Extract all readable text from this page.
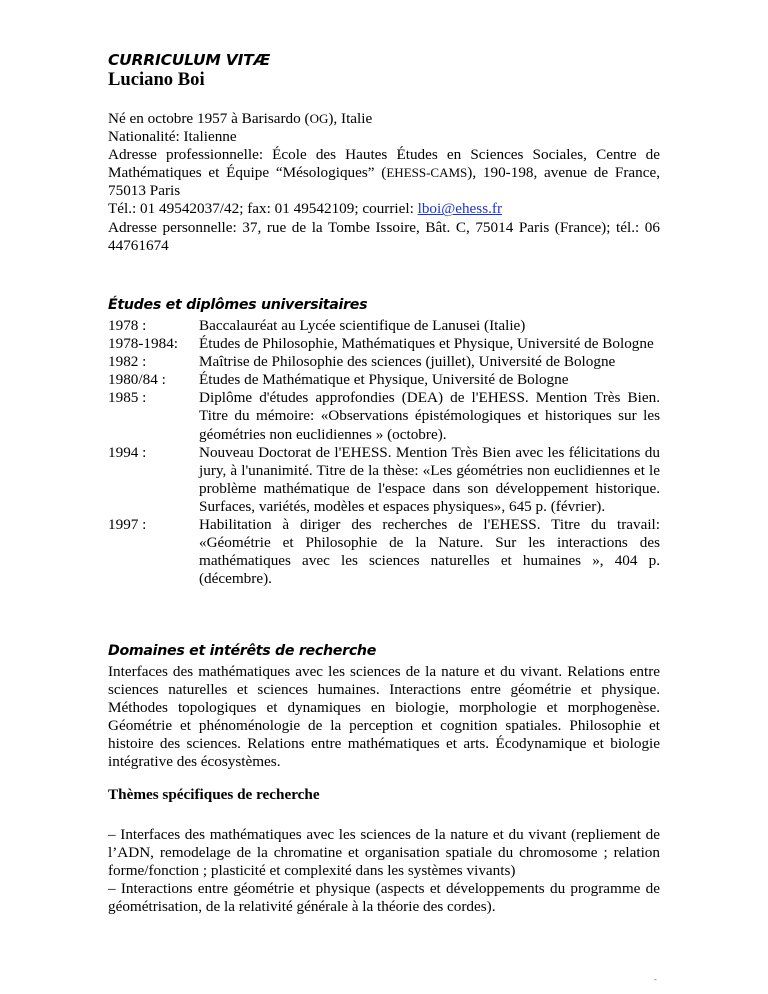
CURRICULUM VITÆ
Luciano Boi

Né en octobre 1957 à Barisardo (OG), Italie

Nationalité: Italienne

Adresse professionnelle: École des Hautes Études en Sciences Sociales, Centre de Mathématiques et Équipe “Mésologiques” (EHESS-CAMS), 190-198, avenue de France, 75013 Paris

Tél.: 01 49542037/42; fax: 01 49542109; courriel: lboi@ehess.fr

Adresse personnelle: 37, rue de la Tombe Issoire, Bât. C, 75014 Paris (France); tél.: 06 44761674

Études et diplômes universitaires
1978 :	Baccalauréat au Lycée scientifique de Lanusei (Italie)
1978-1984:	Études de Philosophie, Mathématiques et Physique, Université de Bologne
1982 :	Maîtrise de Philosophie des sciences (juillet), Université de Bologne
1980/84 :	Études de Mathématique et Physique, Université de Bologne
1985 :	Diplôme d'études approfondies (DEA) de l'EHESS. Mention Très Bien. Titre du mémoire: «Observations épistémologiques et historiques sur les géométries non euclidiennes » (octobre).
1994 :	Nouveau Doctorat de l'EHESS. Mention Très Bien avec les félicitations du jury, à l'unanimité. Titre de la thèse: «Les géométries non euclidiennes et le problème mathématique de l'espace dans son développement historique. Surfaces, variétés, modèles et espaces physiques», 645 p. (février).
1997 :	Habilitation à diriger des recherches de l'EHESS. Titre du travail: «Géométrie et Philosophie de la Nature. Sur les interactions des mathématiques avec les sciences naturelles et humaines », 404 p. (décembre).
Domaines et intérêts de recherche

Interfaces des mathématiques avec les sciences de la nature et du vivant. Relations entre sciences naturelles et sciences humaines. Interactions entre géométrie et physique. Méthodes topologiques et dynamiques en biologie, morphologie et morphogenèse. Géométrie et phénoménologie de la perception et cognition spatiales. Philosophie et histoire des sciences. Relations entre mathématiques et arts. Écodynamique et biologie intégrative des écosystèmes.

Thèmes spécifiques de recherche

– Interfaces des mathématiques avec les sciences de la nature et du vivant (repliement de l’ADN, remodelage de la chromatine et organisation spatiale du chromosome ; relation forme/fonction ; plasticité et complexité dans les systèmes vivants)

– Interactions entre géométrie et physique (aspects et développements du programme de géométrisation, de la relativité générale à la théorie des cordes).

-
